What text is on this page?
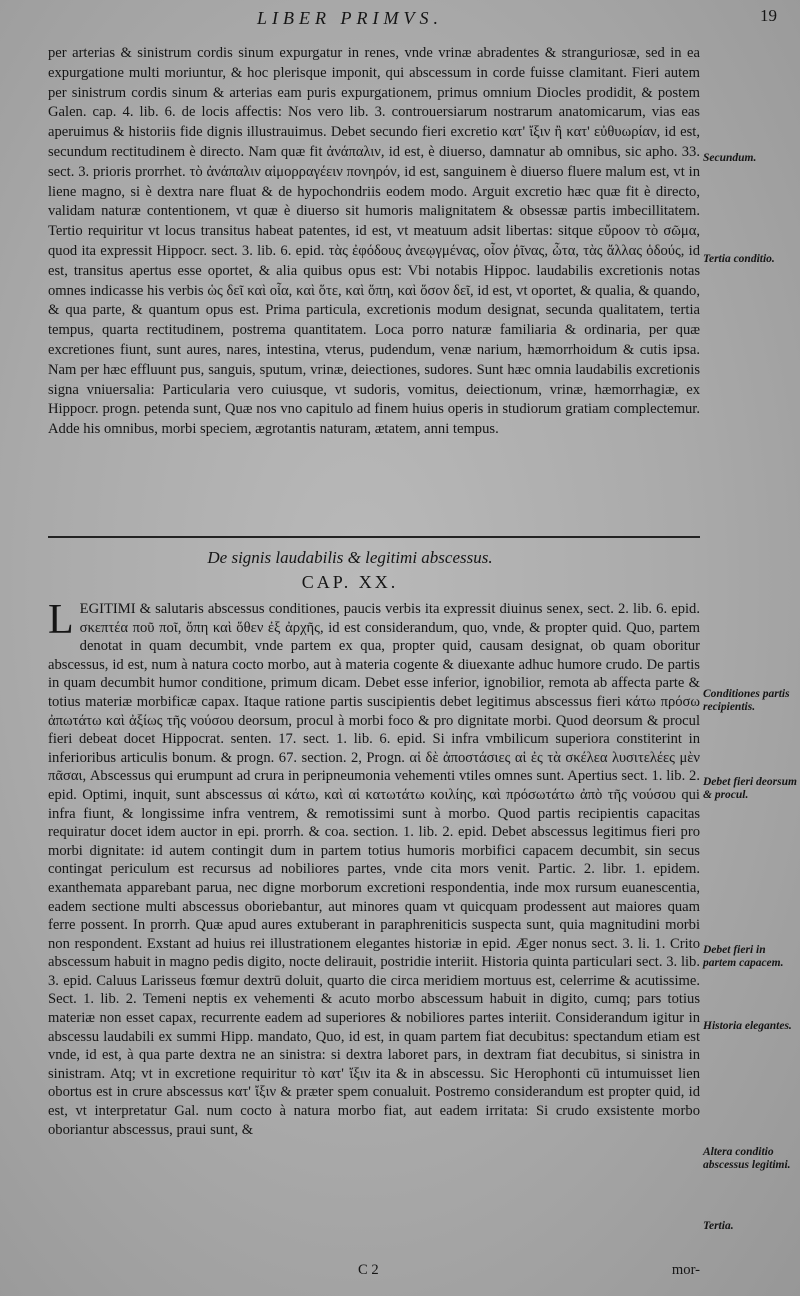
LIBER PRIMVS.	19

per arterias & sinistrum cordis sinum expurgatur in renes, vnde vrinæ abradentes & stranguriosæ, sed in ea expurgatione multi moriuntur, & hoc plerisque imponit, qui abscessum in corde fuisse clamitant. Fieri autem per sinistrum cordis sinum & arterias eam puris expurgationem, primus omnium Diocles prodidit, & postem Galen. cap. 4. lib. 6. de locis affectis: Nos vero lib. 3. controuersiarum nostrarum anatomicarum, vias eas aperuimus & historiis fide dignis illustrauimus. Debet secundo fieri excretio κατ' ἴξιν ἢ κατ' εὐθυωρίαν, id est, secundum rectitudinem è directo. Nam quæ fit ἀνάπαλιν, id est, è diuerso, damnatur ab omnibus, sic apho. 33. sect. 3. prioris prorrhet. τὸ ἀνάπαλιν αἱμορραγέειν πονηρόν, id est, sanguinem è diuerso fluere malum est, vt in liene magno, si è dextra nare fluat & de hypochondriis eodem modo. Arguit excretio hæc quæ fit è directo, validam naturæ contentionem, vt quæ è diuerso sit humoris malignitatem & obsessæ partis imbecillitatem. Tertio requiritur vt locus transitus habeat patentes, id est, vt meatuum adsit libertas: sitque εὔροον τὸ σῶμα, quod ita expressit Hippocr. sect. 3. lib. 6. epid. τὰς ἐφόδους ἀνεῳγμένας, οἷον ῥῖνας, ὦτα, τὰς ἄλλας ὁδούς, id est, transitus apertus esse oportet, & alia quibus opus est: Vbi notabis Hippoc. laudabilis excretionis notas omnes indicasse his verbis ὡς δεῖ καὶ οἷα, καὶ ὅτε, καὶ ὅπη, καὶ ὅσον δεῖ, id est, vt oportet, & qualia, & quando, & qua parte, & quantum opus est. Prima particula, excretionis modum designat, secunda qualitatem, tertia tempus, quarta rectitudinem, postrema quantitatem. Loca porro naturæ familiaria & ordinaria, per quæ excretiones fiunt, sunt aures, nares, intestina, vterus, pudendum, venæ narium, hæmorrhoidum & cutis ipsa. Nam per hæc effluunt pus, sanguis, sputum, vrinæ, deiectiones, sudores. Sunt hæc omnia laudabilis excretionis signa vniuersalia: Particularia vero cuiusque, vt sudoris, vomitus, deiectionum, vrinæ, hæmorrhagiæ, ex Hippocr. progn. petenda sunt, Quæ nos vno capitulo ad finem huius operis in studiorum gratiam complectemur. Adde his omnibus, morbi speciem, ægrotantis naturam, ætatem, anni tempus.

De signis laudabilis & legitimi abscessus.
CAP. XX.
L EGITIMI & salutaris abscessus conditiones, paucis verbis ita expressit diuinus senex, sect. 2. lib. 6. epid. σκεπτέα ποῦ ποῖ, ὅπη καὶ ὅθεν ἐξ ἀρχῆς, id est considerandum, quo, vnde, & propter quid. Quo, partem denotat in quam decumbit, vnde partem ex qua, propter quid, causam designat, ob quam oboritur abscessus, id est, num à natura cocto morbo, aut à materia cogente & diuexante adhuc humore crudo. De partis in quam decumbit humor conditione, primum dicam. Debet esse inferior, ignobilior, remota ab affecta parte & totius materiæ morbificæ capax. Itaque ratione partis suscipientis debet legitimus abscessus fieri κάτω πρόσω ἀπωτάτω καὶ ἀξίως τῆς νούσου deorsum, procul à morbi foco & pro dignitate morbi. Quod deorsum & procul fieri debeat docet Hippocrat. senten. 17. sect. 1. lib. 6. epid. Si infra vmbilicum superiora constiterint in inferioribus articulis bonum. & progn. 67. section. 2, Progn. αἱ δὲ ἀποστάσιες αἱ ἐς τὰ σκέλεα λυσιτελέες μὲν πᾶσαι, Abscessus qui erumpunt ad crura in peripneumonia vehementi vtiles omnes sunt. Apertius sect. 1. lib. 2. epid. Optimi, inquit, sunt abscessus αἱ κάτω, καὶ αἱ κατωτάτω κοιλίης, καὶ πρόσωτάτω ἀπὸ τῆς νούσου qui infra fiunt, & longissime infra ventrem, & remotissimi sunt à morbo. Quod partis recipientis capacitas requiratur docet idem auctor in epi. prorrh. & coa. section. 1. lib. 2. epid. Debet abscessus legitimus fieri pro morbi dignitate: id autem contingit dum in partem totius humoris morbifici capacem decumbit, sin secus contingat periculum est recursus ad nobiliores partes, vnde cita mors venit. Partic. 2. libr. 1. epidem. exanthemata apparebant parua, nec digne morborum excretioni respondentia, inde mox rursum euanescentia, eadem sectione multi abscessus oboriebantur, aut minores quam vt quicquam prodessent aut maiores quam ferre possent. In prorrh. Quæ apud aures extuberant in paraphreniticis suspecta sunt, quia magnitudini morbi non respondent. Exstant ad huius rei illustrationem elegantes historiæ in epid. Æger nonus sect. 3. li. 1. Crito abscessum habuit in magno pedis digito, nocte delirauit, postridie interiit. Historia quinta particulari sect. 3. lib. 3. epid. Caluus Larisseus fœmur dextrū doluit, quarto die circa meridiem mortuus est, celerrime & acutissime. Sect. 1. lib. 2. Temeni neptis ex vehementi & acuto morbo abscessum habuit in digito, cumq; pars totius materiæ non esset capax, recurrente eadem ad superiores & nobiliores partes interiit. Considerandum igitur in abscessu laudabili ex summi Hipp. mandato, Quo, id est, in quam partem fiat decubitus: spectandum etiam est vnde, id est, à qua parte dextra ne an sinistra: si dextra laboret pars, in dextram fiat decubitus, si sinistra in sinistram. Atq; vt in excretione requiritur τὸ κατ' ἴξιν ita & in abscessu. Sic Herophonti cū intumuisset lien obortus est in crure abscessus κατ' ἴξιν & præter spem conualuit. Postremo considerandum est propter quid, id est, vt interpretatur Gal. num cocto à natura morbo fiat, aut eadem irritata: Si crudo exsistente morbo oboriantur abscessus, praui sunt, &

C 2	mor-
Secundum.
Tertia conditio.
Conditiones partis recipientis.
Debet fieri deorsum & procul.
Debet fieri in partem capacem.
Historia elegantes.
Altera conditio abscessus legitimi.
Tertia.
